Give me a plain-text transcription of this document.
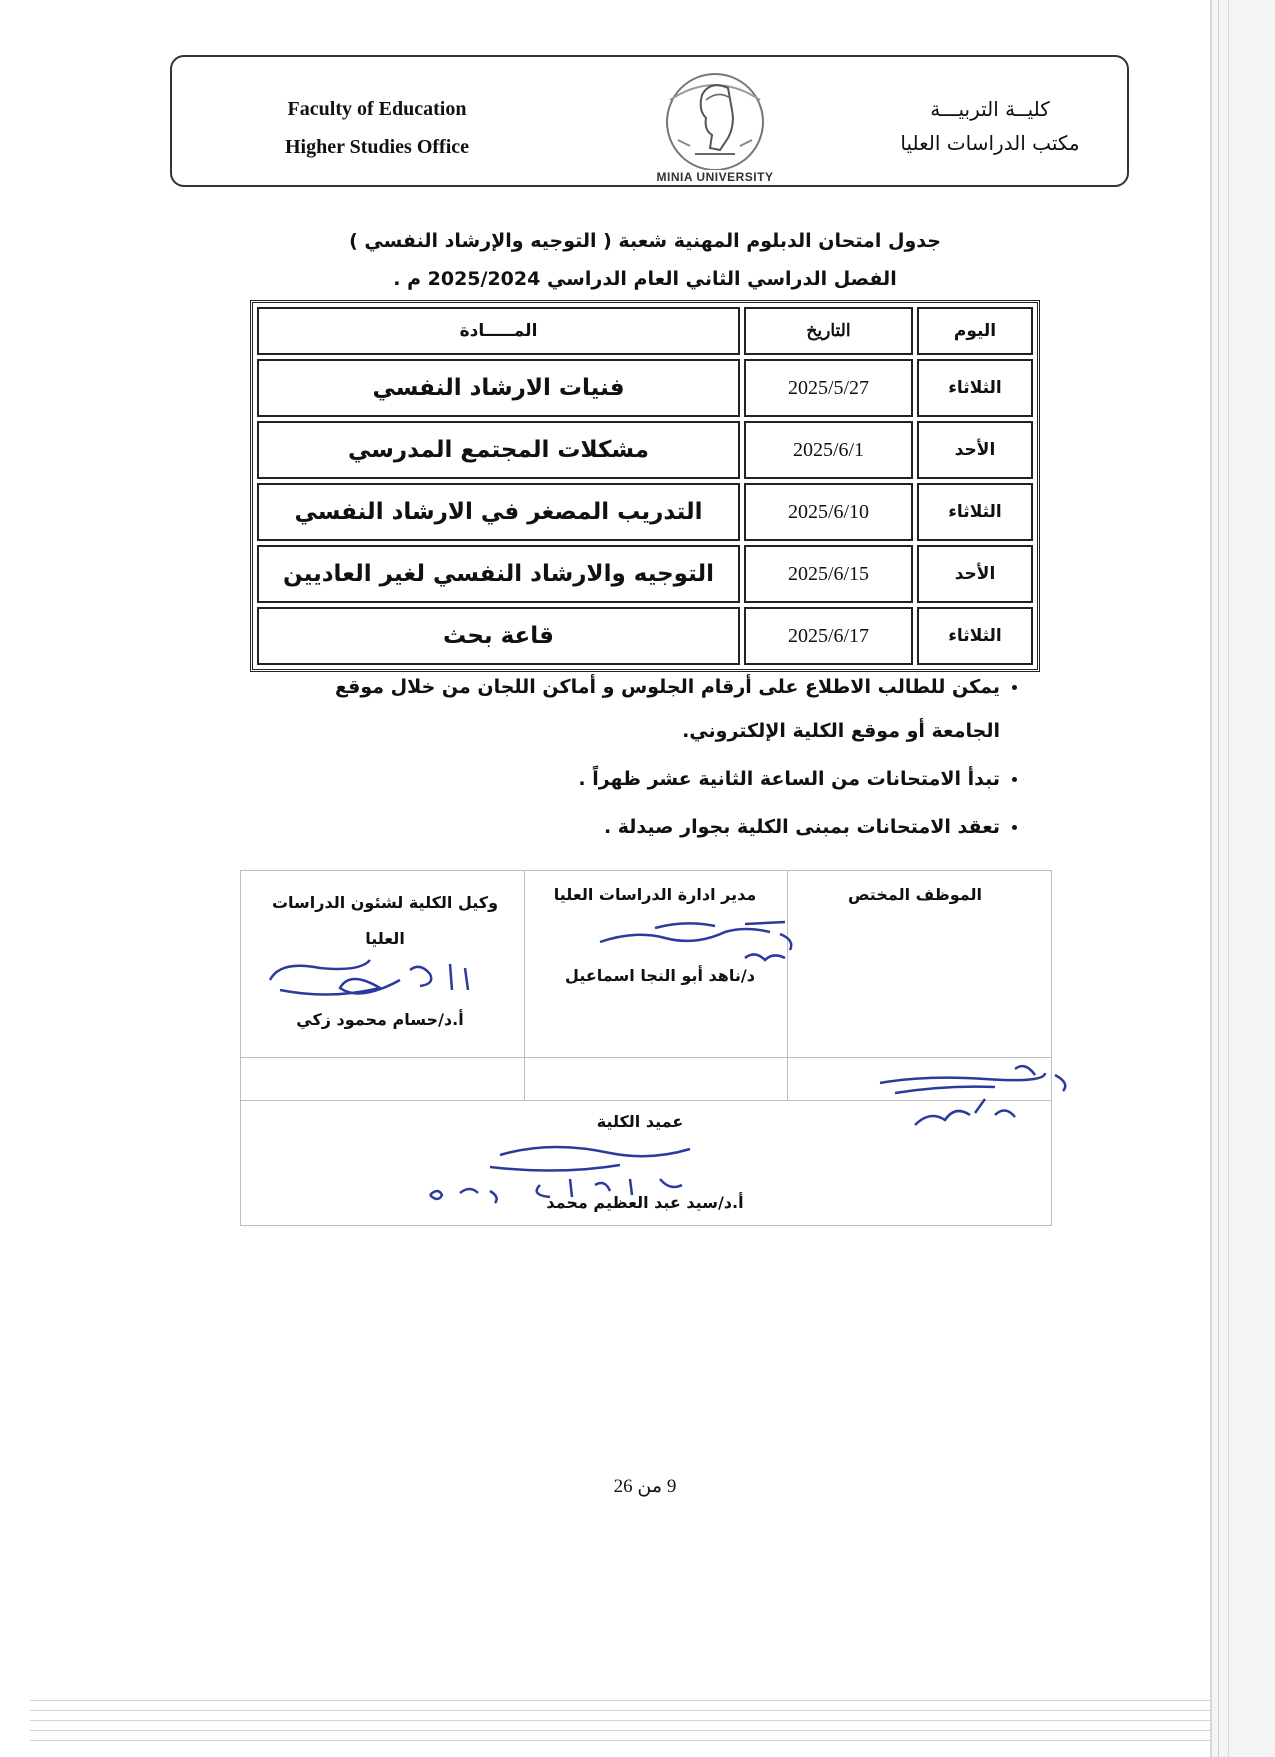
Faculty of Education
Higher Studies Office
كليــة التربيـــة
مكتب الدراسات العليا
MINIA UNIVERSITY
جدول امتحان الدبلوم المهنية شعبة ( التوجيه والإرشاد النفسي )
الفصل الدراسي الثاني العام الدراسي 2025/2024 م .
اليوم	التاريخ	المـــــادة
الثلاثاء	2025/5/27	فنيات الارشاد النفسي
الأحد	2025/6/1	مشكلات المجتمع المدرسي
الثلاثاء	2025/6/10	التدريب المصغر في الارشاد النفسي
الأحد	2025/6/15	التوجيه والارشاد النفسي لغير العاديين
الثلاثاء	2025/6/17	قاعة بحث
• يمكن للطالب الاطلاع على أرقام الجلوس و أماكن اللجان من خلال موقع الجامعة أو موقع الكلية الإلكتروني.
• تبدأ الامتحانات من الساعة الثانية عشر ظهراً .
• تعقد الامتحانات بمبنى الكلية بجوار صيدلة .
الموظف المختص
مدير ادارة الدراسات العليا
د/ناهد أبو النجا اسماعيل
وكيل الكلية لشئون الدراسات العليا
أ.د/حسام محمود زكي
عميد الكلية
أ.د/سيد عبد العظيم محمد
9 من 26
